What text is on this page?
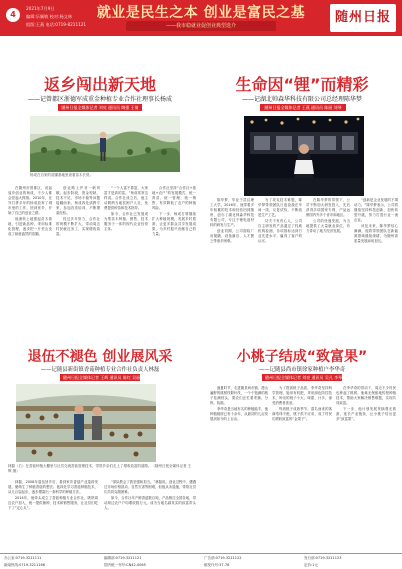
4
2021年7月9日
编辑:乐颖敏 校对:杨文林
组版:王燕 电话:0719-8211121
就业是民生之本 创业是富民之基
——我市稳就业促创业典型选介
随州日报
返乡闯出新天地
——记曾都区浙德军成重金种植专业合作社理事长杨成
随州日报全媒体记者 刘亮 通讯员 陶强 王倩
杨成在自家的苗圃基地里查看苗木长势。

在随州市曾都区，说起返乡创业的杨成，不少人都会竖起大拇指。2010年，在外打拼多年的杨成放弃了城市里的工作，回到家乡，开始了自己的创业之路。

他流转土地建起苗木基地，引进新品种，采用标准化管理，逐步把一片荒山变成了绿意盎然的苗圃。

创业路上并非一帆风顺。起步阶段，资金短缺、技术不足、市场不稳等问题接踵而来。杨成四处请教专家，参加各类培训，不断摸索经验。

经过多年努力，合作社的规模不断扩大，带动周边村民就近务工，实现增收致富。

“一个人富不算富，大家富才是真的富。”杨成常常这样说。合作社成立后，他主动吸纳当地贫困户入社，免费提供种苗和技术指导。

如今，合作社已发展成为集苗木种植、销售、技术服务于一体的现代农业经营主体。

合作社坚持“合作社+基地+农户”的发展模式，统一育苗、统一管理、统一销售，有效降低了农户的种植风险。

下一步，杨成打算继续扩大种植规模，发展乡村旅游，让更多群众共享发展成果，为乡村振兴贡献自己的力量。

生命因“锂”而精彩
——记湖北帅森华科技有限公司总经理陈华梦
随州日报全媒体记者 王燕 通讯员 陈丽 刘琴

陈华梦，毕业于武汉理工大学，2016年，他带着多年积累的技术和经验回到随州，创办了湖北帅森华科技有限公司，专注于锂电池材料的研发与生产。

创业初期，公司面临厂房简陋、设备落后、人才匮乏等诸多困难。

为了攻克技术难题，陈华梦带领团队日夜奋战在车间一线，反复试验，不断改进生产工艺。

功夫不负有心人，公司自主研发的产品通过了权威机构检测，各项指标达到行业先进水平，赢得了客户的认可。

在陈华梦的带领下，公司不断加大研发投入，先后获得多项国家专利，产品远销国内外多个省市和地区。

公司的快速发展，为当地提供了大量就业岗位，有力带动了地方经济发展。

“创新是企业发展的不竭动力。”陈华梦表示，公司将继续坚持科技创新，加快转型升级，努力打造行业一流企业。

谈及未来，陈华梦信心满满，他将带领团队在新能源领域继续深耕，为随州高质量发展添砖加瓦。

退伍不褪色 创业展风采
——记随县新街镇香菇种植专业合作社负责人林磊
随州日报全媒体记者 王辉 通讯员 陈红 吴丽
林磊（右）在香菇种植大棚里与社员交流香菇管理技术，带领乡亲们走上了增收致富的道路。（随州日报全媒体记者 王辉 摄）

林磊，2008年退伍回乡后，看到家乡香菇产业蓬勃发展，便萌生了种植香菇的想法。他四处学习香菇种植技术，从几百袋起步，逐步摸索出一套科学的种植方法。

2014年，他牵头成立了香菇种植专业合作社，吸纳周边农户加入，统一提供菌种、技术和销售服务，让社员们吃下了“定心丸”。

“部队教会了我坚强和担当。”林磊说。创业过程中，遭遇过市场价格波动、自然灾害等困难，但他从未退缩，带领社员们共同克服困难。

如今，合作社年产鲜香菇数百吨，产品销往全国各地，带动周边农户户均增收数万元，成为当地名副其实的致富带头人。

小桃子结成“致富果”
——记随县尚市镇徐家种植户李华奇
随州日报全媒体记者 刘亮 通讯员 吴凡 李琴

盛夏时节，走进随县尚市镇，漫山遍野的桃树枝繁叶茂，一个个饱满的桃子挂满枝头，果农们正忙着采摘、分拣、装箱。

李华奇是当地有名的种植能手，他种植桃树已有十余年，从最初的几亩发展到如今的上百亩。

为了提高桃子品质，李华奇坚持科学管理，施用有机肥，采用绿色防控技术，种出的桃子个大、味甜、汁多，深受消费者喜爱。

每到桃子成熟季节，慕名而来的客商络绎不绝，桃子供不应求，成了村民们增收致富的“金果子”。

在李华奇的带动下，周边不少村民也种起了桃树。他毫无保留地传授种植技术，帮助大家解决销售难题，实现共同致富。

下一步，他计划发展采摘观光旅游，延长产业链条，让小桃子结出更多“致富果”。

办公室:0719-3211111	编辑部:0719-3211121	广告部:0719-3211122	发行部:0719-3211123
新闻热线:0719-3211166	国内统一刊号:CN42-0065	邮发代号:37-76	定价:1元
